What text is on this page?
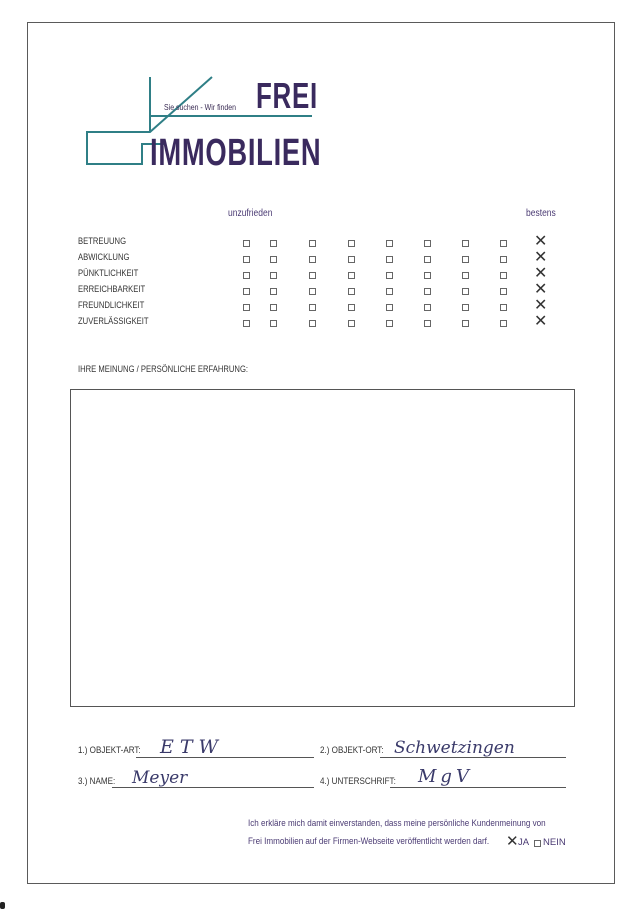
Sie suchen - Wir finden FREI
IMMOBILIEN
unzufrieden	bestens
BETREUUNG	✕
ABWICKLUNG	✕
PÜNKTLICHKEIT	✕
ERREICHBARKEIT	✕
FREUNDLICHKEIT	✕
ZUVERLÄSSIGKEIT	✕
IHRE MEINUNG / PERSÖNLICHE ERFAHRUNG:
1.) OBJEKT-ART: ETW	2.) OBJEKT-ORT: Schwetzingen
3.) NAME: Meyer	4.) UNTERSCHRIFT: MgV
Ich erkläre mich damit einverstanden, dass meine persönliche Kundenmeinung von
Frei Immobilien auf der Firmen-Webseite veröffentlicht werden darf. ✕ JA NEIN
